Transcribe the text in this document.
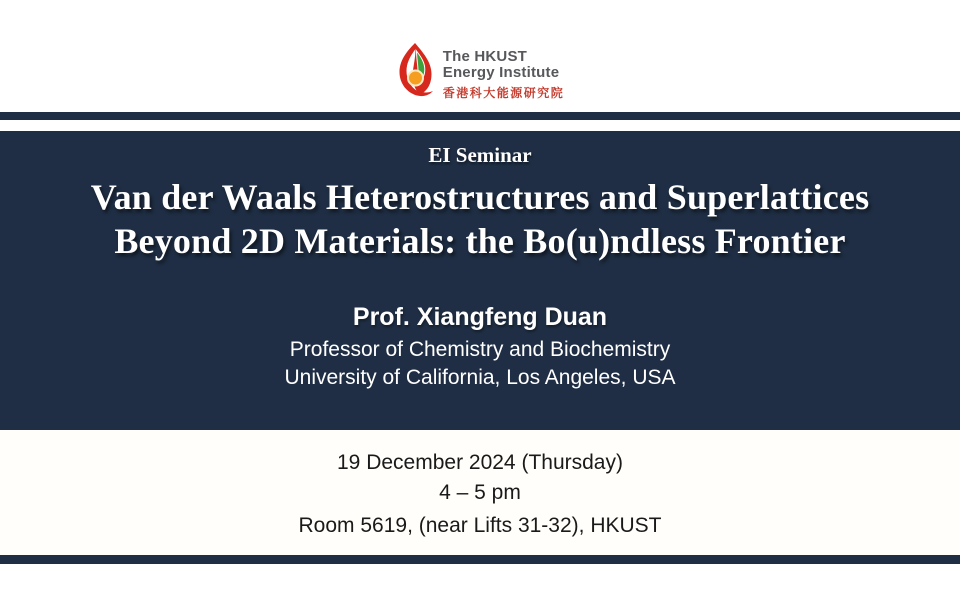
The HKUST
Energy Institute
香港科大能源研究院
EI Seminar
Van der Waals Heterostructures and Superlattices
Beyond 2D Materials: the Bo(u)ndless Frontier
Prof. Xiangfeng Duan
Professor of Chemistry and Biochemistry
University of California, Los Angeles, USA
19 December 2024 (Thursday)
4 – 5 pm
Room 5619, (near Lifts 31-32), HKUST
